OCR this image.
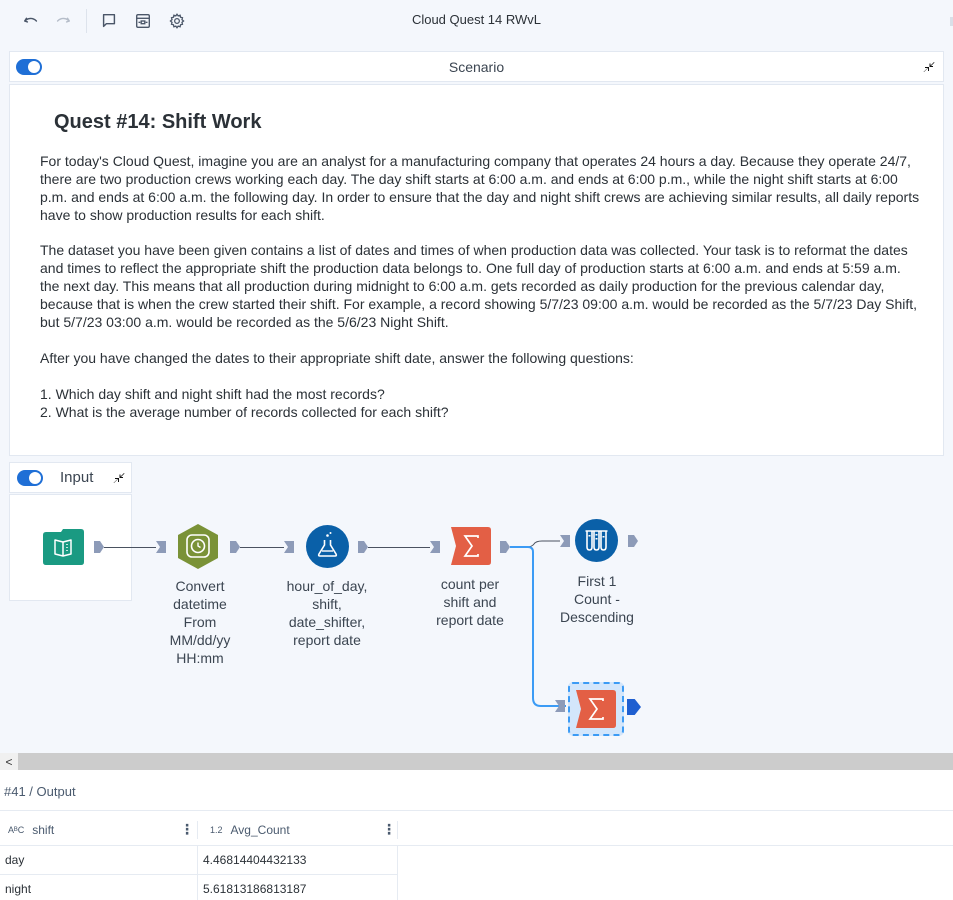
Cloud Quest 14 RWvL
Scenario
Quest #14: Shift Work
For today's Cloud Quest, imagine you are an analyst for a manufacturing company that operates 24 hours a day. Because they operate 24/7, there are two production crews working each day. The day shift starts at 6:00 a.m. and ends at 6:00 p.m., while the night shift starts at 6:00 p.m. and ends at 6:00 a.m. the following day. In order to ensure that the day and night shift crews are achieving similar results, all daily reports have to show production results for each shift.
The dataset you have been given contains a list of dates and times of when production data was collected. Your task is to reformat the dates and times to reflect the appropriate shift the production data belongs to. One full day of production starts at 6:00 a.m. and ends at 5:59 a.m. the next day. This means that all production during midnight to 6:00 a.m. gets recorded as daily production for the previous calendar day, because that is when the crew started their shift. For example, a record showing 5/7/23 09:00 a.m. would be recorded as the 5/7/23 Day Shift, but 5/7/23 03:00 a.m. would be recorded as the 5/6/23 Night Shift.
After you have changed the dates to their appropriate shift date, answer the following questions:
1. Which day shift and night shift had the most records?
2. What is the average number of records collected for each shift?
Input
Convert
datetime
From
MM/dd/yy
HH:mm
hour_of_day,
shift,
date_shifter,
report date
count per
shift and
report date
First 1
Count -
Descending
<
#41 / Output
AᴮC shift	⋮ 1.2 Avg_Count	⋮
day	4.46814404432133
night	5.61813186813187
